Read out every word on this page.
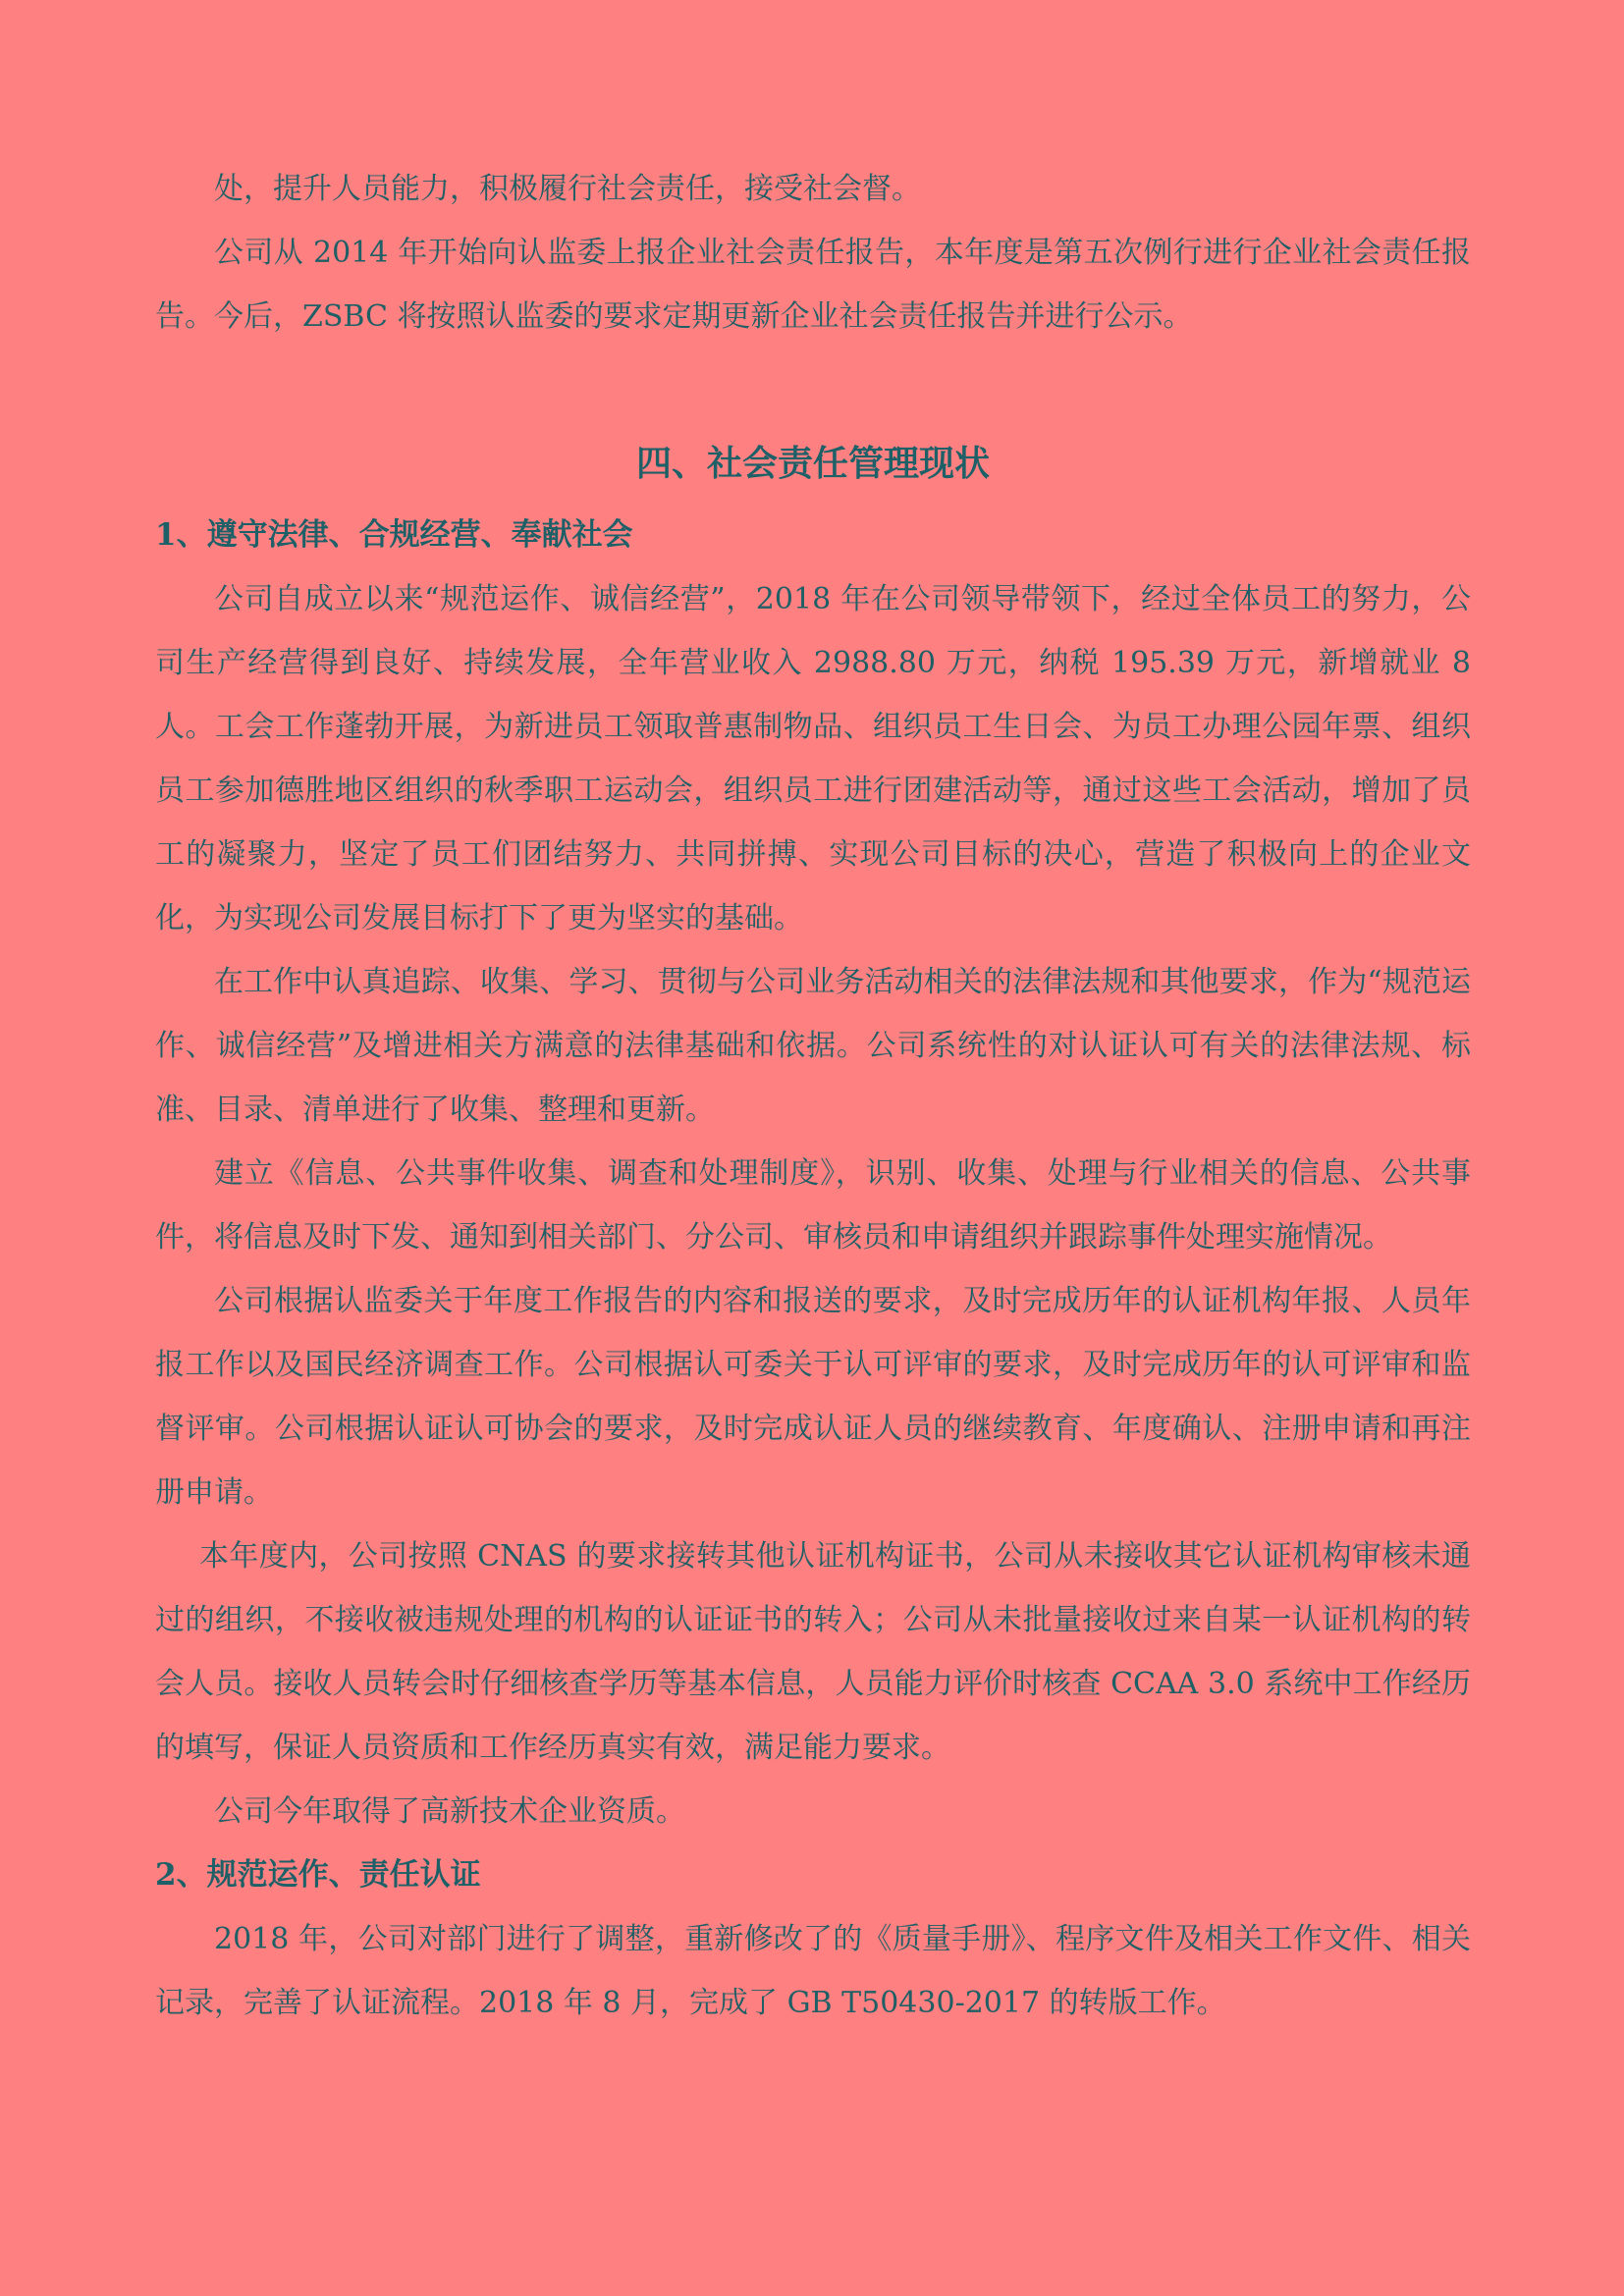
处，提升人员能力，积极履行社会责任，接受社会督。

公司从 2014 年开始向认监委上报企业社会责任报告，本年度是第五次例行进行企业社会责任报告。今后，ZSBC 将按照认监委的要求定期更新企业社会责任报告并进行公示。

四、社会责任管理现状
1、遵守法律、合规经营、奉献社会

公司自成立以来“规范运作、诚信经营”，2018 年在公司领导带领下，经过全体员工的努力，公司生产经营得到良好、持续发展，全年营业收入 2988.80 万元，纳税 195.39 万元，新增就业 8 人。工会工作蓬勃开展，为新进员工领取普惠制物品、组织员工生日会、为员工办理公园年票、组织员工参加德胜地区组织的秋季职工运动会，组织员工进行团建活动等，通过这些工会活动，增加了员工的凝聚力，坚定了员工们团结努力、共同拼搏、实现公司目标的决心，营造了积极向上的企业文化，为实现公司发展目标打下了更为坚实的基础。

在工作中认真追踪、收集、学习、贯彻与公司业务活动相关的法律法规和其他要求，作为“规范运作、诚信经营”及增进相关方满意的法律基础和依据。公司系统性的对认证认可有关的法律法规、标准、目录、清单进行了收集、整理和更新。

建立《信息、公共事件收集、调查和处理制度》，识别、收集、处理与行业相关的信息、公共事件，将信息及时下发、通知到相关部门、分公司、审核员和申请组织并跟踪事件处理实施情况。

公司根据认监委关于年度工作报告的内容和报送的要求，及时完成历年的认证机构年报、人员年报工作以及国民经济调查工作。公司根据认可委关于认可评审的要求，及时完成历年的认可评审和监督评审。公司根据认证认可协会的要求，及时完成认证人员的继续教育、年度确认、注册申请和再注册申请。

本年度内，公司按照 CNAS 的要求接转其他认证机构证书，公司从未接收其它认证机构审核未通过的组织，不接收被违规处理的机构的认证证书的转入；公司从未批量接收过来自某一认证机构的转会人员。接收人员转会时仔细核查学历等基本信息，人员能力评价时核查 CCAA 3.0 系统中工作经历的填写，保证人员资质和工作经历真实有效，满足能力要求。

公司今年取得了高新技术企业资质。

2、规范运作、责任认证

2018 年，公司对部门进行了调整，重新修改了的《质量手册》、程序文件及相关工作文件、相关记录，完善了认证流程。2018 年 8 月，完成了 GB T50430-2017 的转版工作。
